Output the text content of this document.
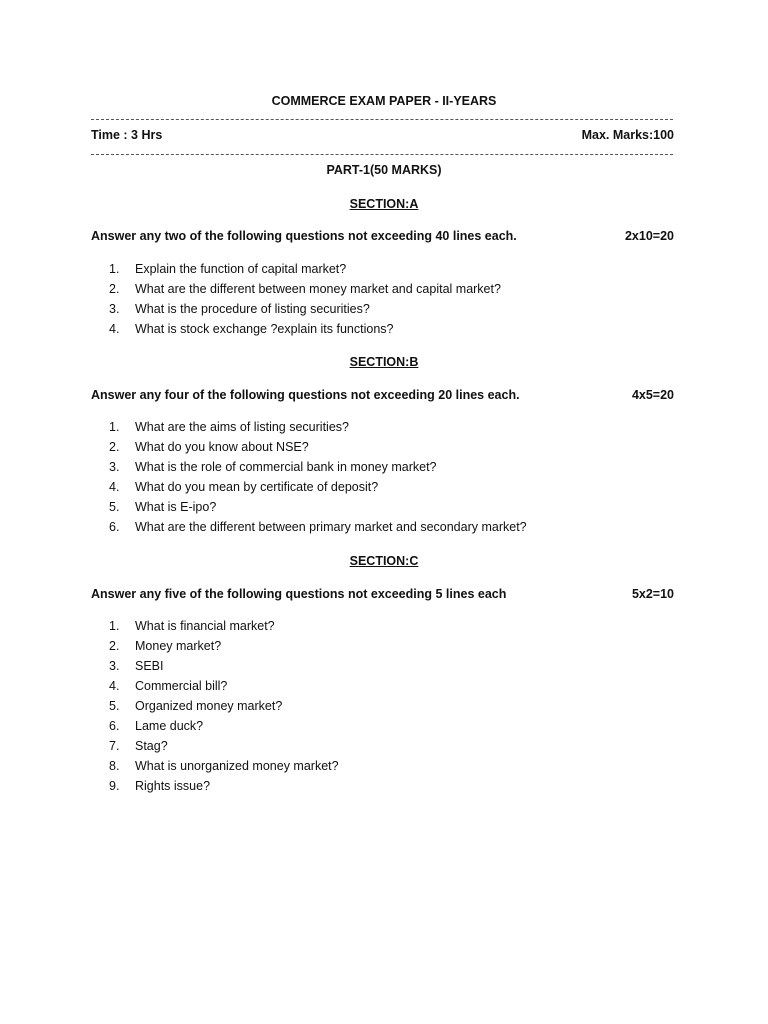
COMMERCE EXAM PAPER - II-YEARS
Time : 3 Hrs	Max. Marks:100
PART-1(50 MARKS)
SECTION:A
Answer any two of the following questions not exceeding 40 lines each.	2x10=20
1. Explain the function of capital market?
2. What are the different between money market and capital market?
3. What is the procedure of listing securities?
4. What is stock exchange ?explain its functions?
SECTION:B
Answer any four of the following questions not exceeding 20 lines each.	4x5=20
1. What are the aims of listing securities?
2. What do you know about NSE?
3. What is the role of commercial bank in money market?
4. What do you mean by certificate of deposit?
5. What is E-ipo?
6. What are the different between primary market and secondary market?
SECTION:C
Answer any five of the following questions not exceeding 5 lines each	5x2=10
1. What is financial market?
2. Money market?
3. SEBI
4. Commercial bill?
5. Organized money market?
6. Lame duck?
7. Stag?
8. What is unorganized money market?
9. Rights issue?
